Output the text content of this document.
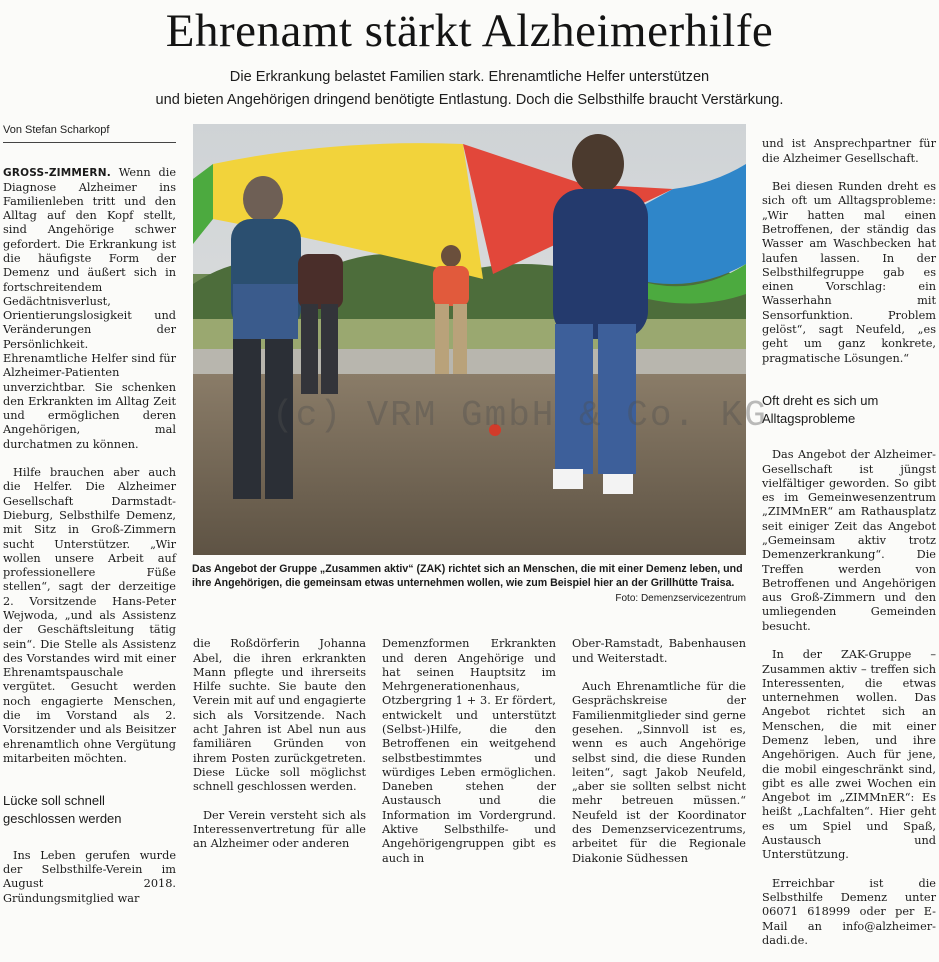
Ehrenamt stärkt Alzheimerhilfe
Die Erkrankung belastet Familien stark. Ehrenamtliche Helfer unterstützen
und bieten Angehörigen dringend benötigte Entlastung. Doch die Selbsthilfe braucht Verstärkung.
Von Stefan Scharkopf

GROSS-ZIMMERN. Wenn die Diagnose Alzheimer ins Familienleben tritt und den Alltag auf den Kopf stellt, sind Angehörige schwer gefordert. Die Erkrankung ist die häufigste Form der Demenz und äußert sich in fortschreitendem Gedächtnisverlust, Orientierungslosigkeit und Veränderungen der Persönlichkeit. Ehrenamtliche Helfer sind für Alzheimer-Patienten unverzichtbar. Sie schenken den Erkrankten im Alltag Zeit und ermöglichen deren Angehörigen, mal durchatmen zu können.

Hilfe brauchen aber auch die Helfer. Die Alzheimer Gesellschaft Darmstadt-Dieburg, Selbsthilfe Demenz, mit Sitz in Groß-Zimmern sucht Unterstützer. „Wir wollen unsere Arbeit auf professionellere Füße stellen“, sagt der derzeitige 2. Vorsitzende Hans-Peter Wejwoda, „und als Assistenz der Geschäftsleitung tätig sein“. Die Stelle als Assistenz des Vorstandes wird mit einer Ehrenamtspauschale vergütet. Gesucht werden noch engagierte Menschen, die im Vorstand als 2. Vorsitzender und als Beisitzer ehrenamtlich ohne Vergütung mitarbeiten möchten.

Lücke soll schnell geschlossen werden

Ins Leben gerufen wurde der Selbsthilfe-Verein im August 2018. Gründungsmitglied war

Das Angebot der Gruppe „Zusammen aktiv“ (ZAK) richtet sich an Menschen, die mit einer Demenz leben, und ihre Angehörigen, die gemeinsam etwas unternehmen wollen, wie zum Beispiel hier an der Grillhütte Traisa.
Foto: Demenzservicezentrum

die Roßdörferin Johanna Abel, die ihren erkrankten Mann pflegte und ihrerseits Hilfe suchte. Sie baute den Verein mit auf und engagierte sich als Vorsitzende. Nach acht Jahren ist Abel nun aus familiären Gründen von ihrem Posten zurückgetreten. Diese Lücke soll möglichst schnell geschlossen werden.

Der Verein versteht sich als Interessenvertretung für alle an Alzheimer oder anderen

Demenzformen Erkrankten und deren Angehörige und hat seinen Hauptsitz im Mehrgenerationenhaus, Otzbergring 1 + 3. Er fördert, entwickelt und unterstützt (Selbst-)Hilfe, die den Betroffenen ein weitgehend selbstbestimmtes und würdiges Leben ermöglichen. Daneben stehen der Austausch und die Information im Vordergrund. Aktive Selbsthilfe- und Angehörigengruppen gibt es auch in

Ober-Ramstadt, Babenhausen und Weiterstadt.

Auch Ehrenamtliche für die Gesprächskreise der Familienmitglieder sind gerne gesehen. „Sinnvoll ist es, wenn es auch Angehörige selbst sind, die diese Runden leiten“, sagt Jakob Neufeld, „aber sie sollten selbst nicht mehr betreuen müssen.“ Neufeld ist der Koordinator des Demenzservicezentrums, arbeitet für die Regionale Diakonie Südhessen

und ist Ansprechpartner für die Alzheimer Gesellschaft.

Bei diesen Runden dreht es sich oft um Alltagsprobleme: „Wir hatten mal einen Betroffenen, der ständig das Wasser am Waschbecken hat laufen lassen. In der Selbsthilfegruppe gab es einen Vorschlag: ein Wasserhahn mit Sensorfunktion. Problem gelöst“, sagt Neufeld, „es geht um ganz konkrete, pragmatische Lösungen.“

Oft dreht es sich um Alltagsprobleme

Das Angebot der Alzheimer-Gesellschaft ist jüngst vielfältiger geworden. So gibt es im Gemeinwesenzentrum „ZIMMnER“ am Rathausplatz seit einiger Zeit das Angebot „Gemeinsam aktiv trotz Demenzerkrankung“. Die Treffen werden von Betroffenen und Angehörigen aus Groß-Zimmern und den umliegenden Gemeinden besucht.

In der ZAK-Gruppe – Zusammen aktiv – treffen sich Interessenten, die etwas unternehmen wollen. Das Angebot richtet sich an Menschen, die mit einer Demenz leben, und ihre Angehörigen. Auch für jene, die mobil eingeschränkt sind, gibt es alle zwei Wochen ein Angebot im „ZIMMnER“: Es heißt „Lachfalten“. Hier geht es um Spiel und Spaß, Austausch und Unterstützung.

Erreichbar ist die Selbsthilfe Demenz unter 06071 618999 oder per E-Mail an info@alzheimer-dadi.de.

(c) VRM GmbH & Co. KG
